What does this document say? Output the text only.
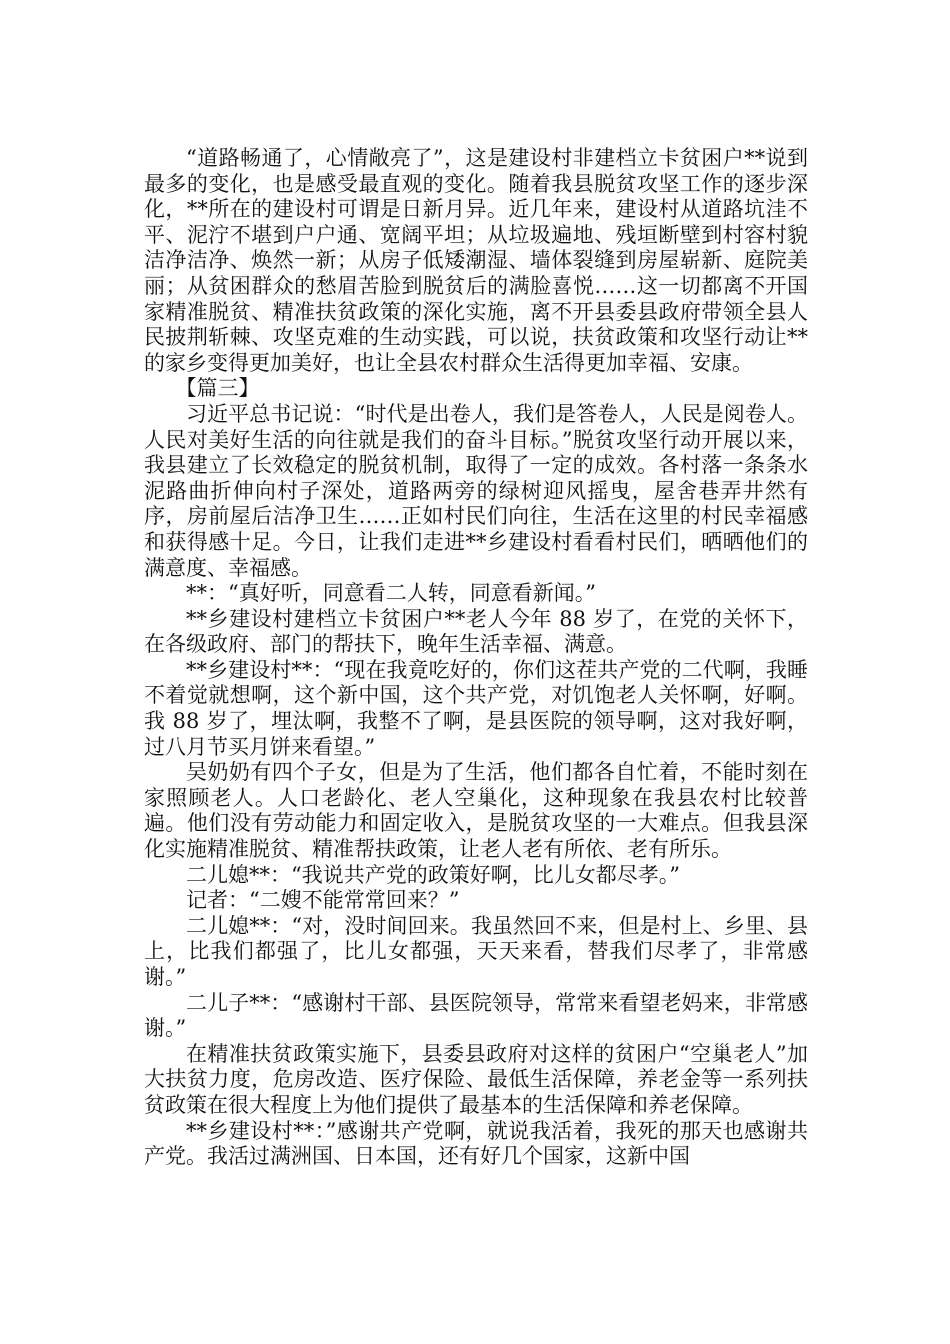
“道路畅通了，心情敞亮了”，这是建设村非建档立卡贫困户**说到最多的变化，也是感受最直观的变化。随着我县脱贫攻坚工作的逐步深化，**所在的建设村可谓是日新月异。近几年来，建设村从道路坑洼不平、泥泞不堪到户户通、宽阔平坦；从垃圾遍地、残垣断壁到村容村貌洁净洁净、焕然一新；从房子低矮潮湿、墙体裂缝到房屋崭新、庭院美丽；从贫困群众的愁眉苦脸到脱贫后的满脸喜悦……这一切都离不开国家精准脱贫、精准扶贫政策的深化实施，离不开县委县政府带领全县人民披荆斩棘、攻坚克难的生动实践，可以说，扶贫政策和攻坚行动让**的家乡变得更加美好，也让全县农村群众生活得更加幸福、安康。

【篇三】

习近平总书记说：“时代是出卷人，我们是答卷人，人民是阅卷人。人民对美好生活的向往就是我们的奋斗目标。”脱贫攻坚行动开展以来，我县建立了长效稳定的脱贫机制，取得了一定的成效。各村落一条条水泥路曲折伸向村子深处，道路两旁的绿树迎风摇曳，屋舍巷弄井然有序，房前屋后洁净卫生……正如村民们向往，生活在这里的村民幸福感和获得感十足。今日，让我们走进**乡建设村看看村民们，晒晒他们的满意度、幸福感。

**：“真好听，同意看二人转，同意看新闻。”

**乡建设村建档立卡贫困户**老人今年 88 岁了，在党的关怀下，在各级政府、部门的帮扶下，晚年生活幸福、满意。

**乡建设村**：“现在我竟吃好的，你们这茬共产党的二代啊，我睡不着觉就想啊，这个新中国，这个共产党，对饥饱老人关怀啊，好啊。我 88 岁了，埋汰啊，我整不了啊，是县医院的领导啊，这对我好啊，过八月节买月饼来看望。”

吴奶奶有四个子女，但是为了生活，他们都各自忙着，不能时刻在家照顾老人。人口老龄化、老人空巢化，这种现象在我县农村比较普遍。他们没有劳动能力和固定收入，是脱贫攻坚的一大难点。但我县深化实施精准脱贫、精准帮扶政策，让老人老有所依、老有所乐。

二儿媳**：“我说共产党的政策好啊，比儿女都尽孝。”

记者：“二嫂不能常常回来？”

二儿媳**：“对，没时间回来。我虽然回不来，但是村上、乡里、县上，比我们都强了，比儿女都强，天天来看，替我们尽孝了，非常感谢。”

二儿子**：“感谢村干部、县医院领导，常常来看望老妈来，非常感谢。”

在精准扶贫政策实施下，县委县政府对这样的贫困户“空巢老人”加大扶贫力度，危房改造、医疗保险、最低生活保障，养老金等一系列扶贫政策在很大程度上为他们提供了最基本的生活保障和养老保障。

**乡建设村**：”感谢共产党啊，就说我活着，我死的那天也感谢共产党。我活过满洲国、日本国，还有好几个国家，这新中国
